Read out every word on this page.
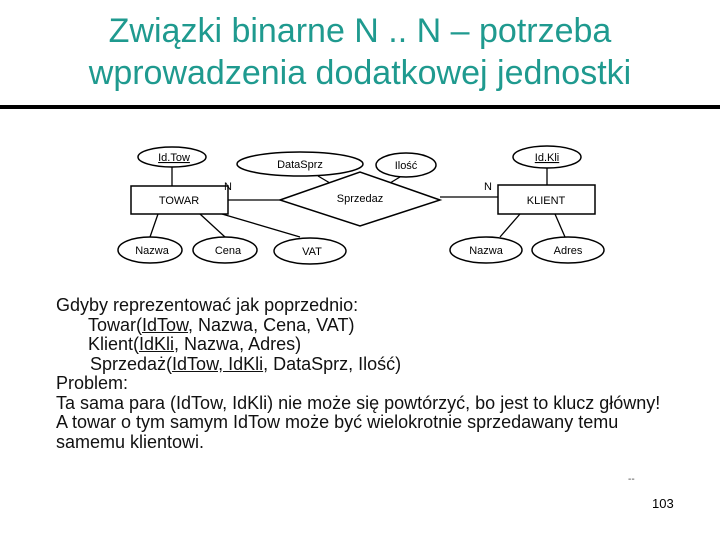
Związki binarne N .. N – potrzeba
wprowadzenia dodatkowej jednostki
TOWAR	KLIENT
Sprzedaz
Id.Tow
Nazwa	Cena	VAT
DataSprz	Ilość
Id.Kli
Nazwa	Adres
N	N
Gdyby reprezentować jak poprzednio:
Towar(IdTow, Nazwa, Cena, VAT)
Klient(IdKli, Nazwa, Adres)
Sprzedaż(IdTow, IdKli, DataSprz, Ilość)
Problem:
Ta sama para (IdTow, IdKli) nie może się powtórzyć, bo jest to klucz główny!
A towar o tym samym IdTow może być wielokrotnie sprzedawany temu
samemu klientowi.
--
103
